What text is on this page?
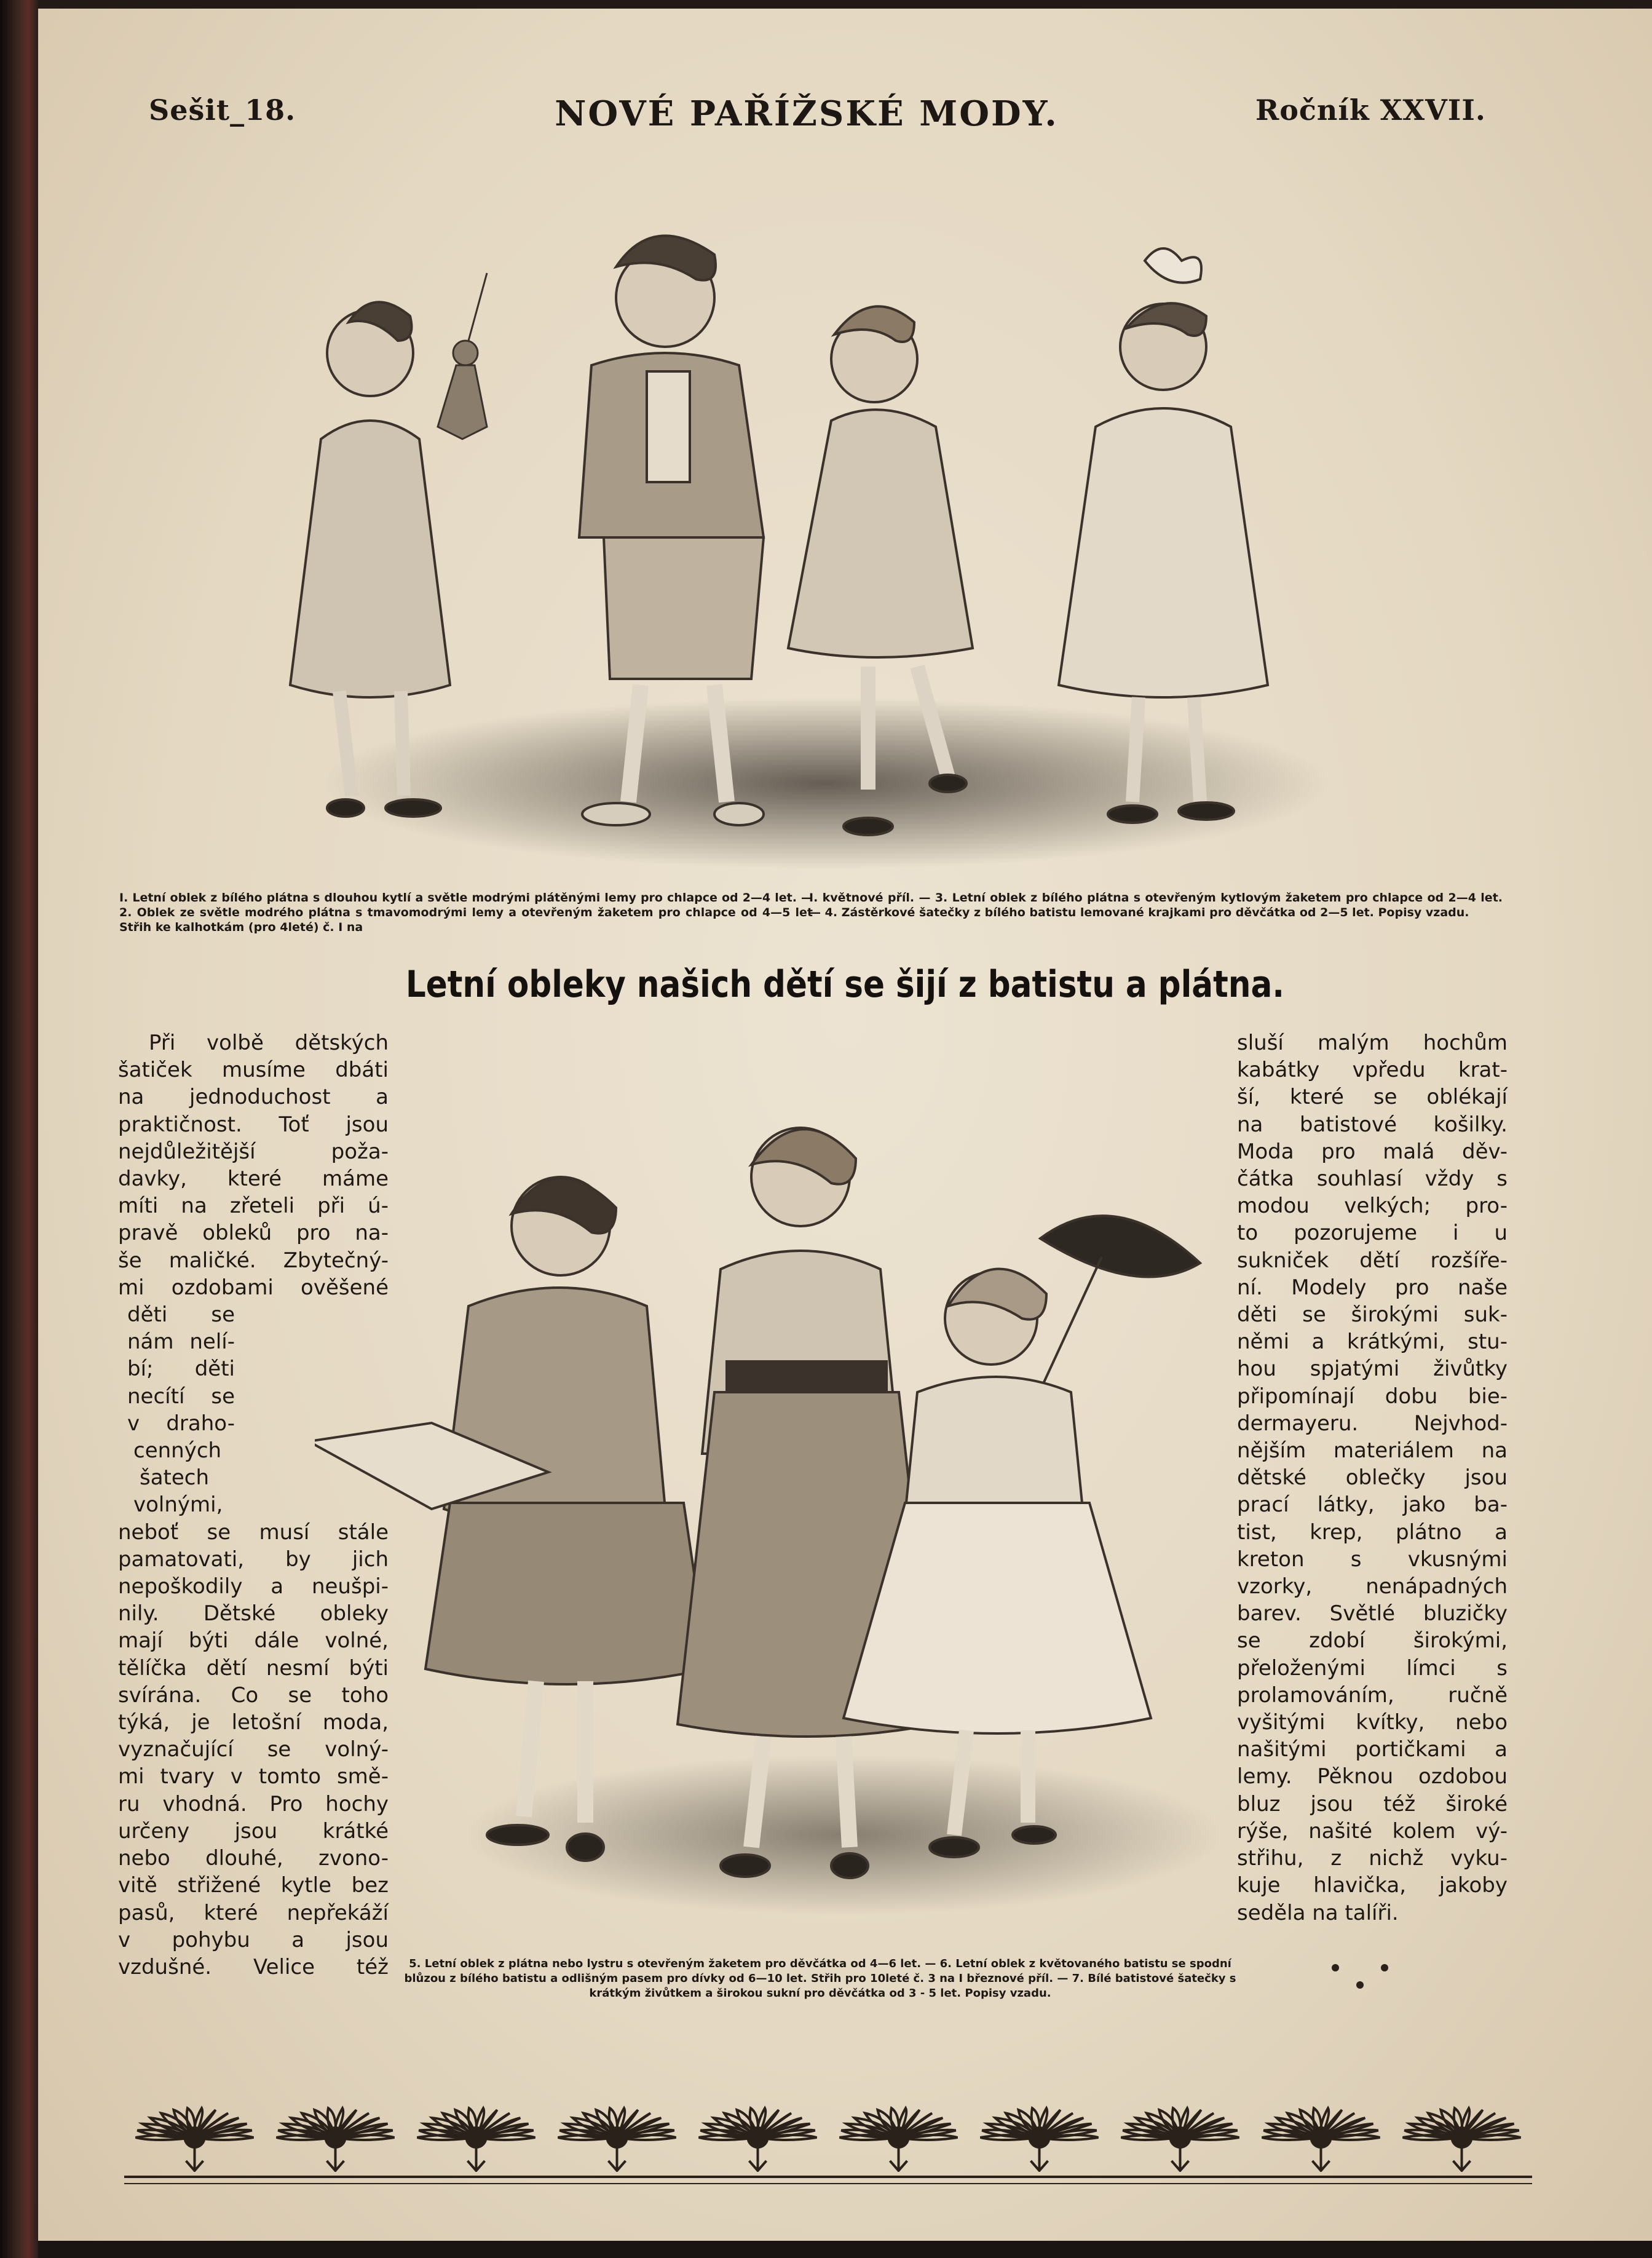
Sešit_18.	NOVÉ PAŘÍŽSKÉ MODY.	Ročník XXVII.
I. Letní oblek z bílého plátna s dlouhou kytlí a světle modrými plátěnými lemy pro chlapce od 2—4 let. — 2. Oblek ze světle modrého plátna s tmavomodrými lemy a otevřeným žaketem pro chlapce od 4—5 let Střih ke kalhotkám (pro 4leté) č. I na
I. květnové příl. — 3. Letní oblek z bílého plátna s otevřeným kytlovým žaketem pro chlapce od 2—4 let. — 4. Zástěrkové šatečky z bílého batistu lemované krajkami pro děvčátka od 2—5 let. Popisy vzadu.
Letní obleky našich dětí se šijí z batistu a plátna.
Při volbě dětských
šatiček musíme dbáti
na jednoduchost a
praktičnost. Toť jsou
nejdůležitější poža-
davky, které máme
míti na zřeteli při ú-
pravě obleků pro na-
še maličké. Zbytečný-
mi ozdobami ověšené
děti se
nám nelí-
bí; děti
necítí se
v draho-
cenných
šatech
volnými,
neboť se musí stále
pamatovati, by jich
nepoškodily a neušpi-
nily. Dětské obleky
mají býti dále volné,
tělíčka dětí nesmí býti
svírána. Co se toho
týká, je letošní moda,
vyznačující se volný-
mi tvary v tomto smě-
ru vhodná. Pro hochy
určeny jsou krátké
nebo dlouhé, zvono-
vitě střižené kytle bez
pasů, které nepřekáží
v pohybu a jsou
vzdušné. Velice též
sluší malým hochům
kabátky vpředu krat-
ší, které se oblékají
na batistové košilky.
Moda pro malá děv-
čátka souhlasí vždy s
modou velkých; pro-
to pozorujeme i u
sukniček dětí rozšíře-
ní. Modely pro naše
děti se širokými suk-
němi a krátkými, stu-
hou spjatými živůtky
připomínají dobu bie-
dermayeru. Nejvhod-
nějším materiálem na
dětské oblečky jsou
prací látky, jako ba-
tist, krep, plátno a
kreton s vkusnými
vzorky, nenápadných
barev. Světlé bluzičky
se zdobí širokými,
přeloženými límci s
prolamováním, ručně
vyšitými kvítky, nebo
našitými portičkami a
lemy. Pěknou ozdobou
bluz jsou též široké
rýše, našité kolem vý-
střihu, z nichž vyku-
kuje hlavička, jakoby
seděla na talíři.
5. Letní oblek z plátna nebo lystru s otevřeným žaketem pro děvčátka od 4—6 let. — 6. Letní oblek z květovaného batistu se spodní blůzou z bílého batistu a odlišným pasem pro dívky od 6—10 let. Střih pro 10leté č. 3 na I březnové příl. — 7. Bílé batistové šatečky s krátkým živůtkem a širokou sukní pro děvčátka od 3 - 5 let. Popisy vzadu.
